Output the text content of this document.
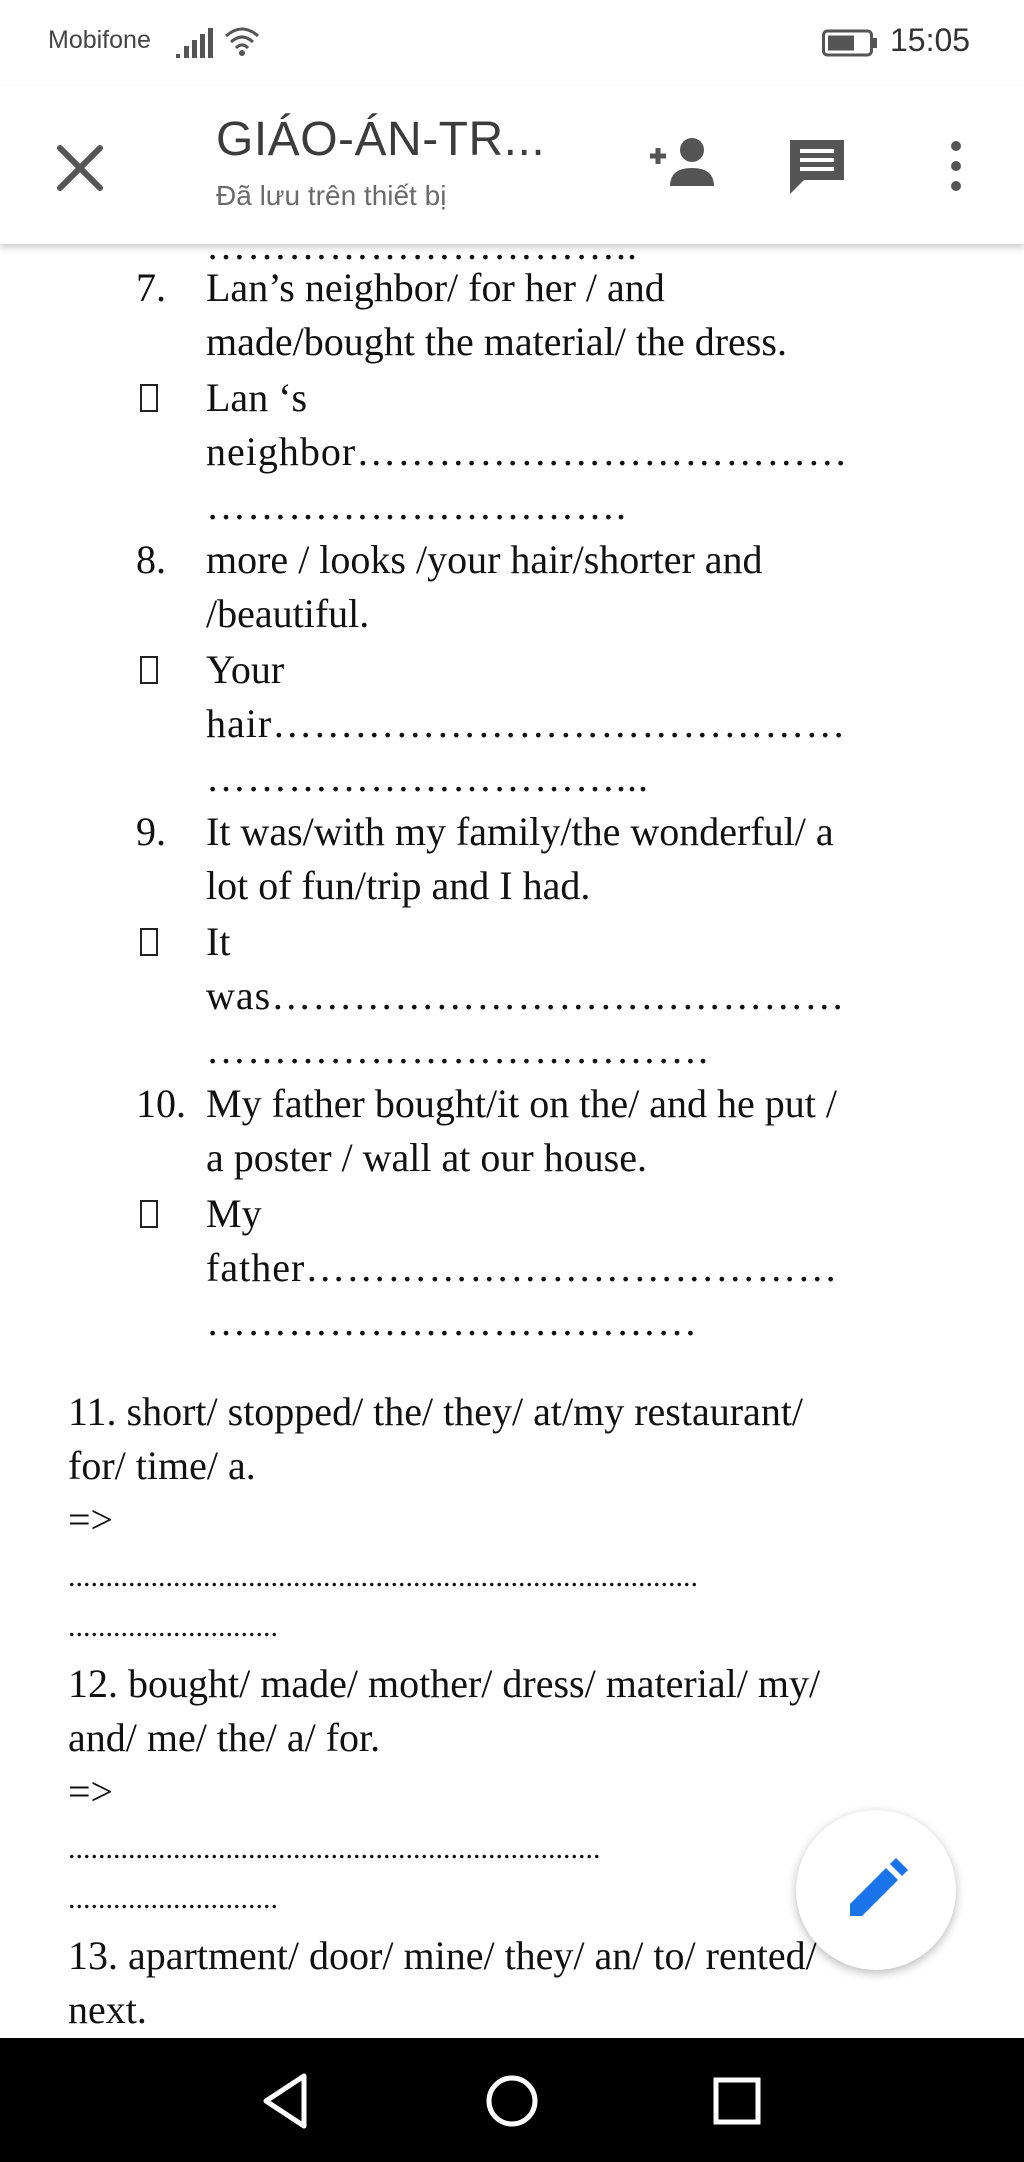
Mobifone	15:05
GIÁO-ÁN-TR...
Đã lưu trên thiết bị
…………………………..
7. Lan’s neighbor/ for her / and
made/bought the material/ the dress.
Lan ‘s
neighbor………………………………
………………………….
8. more / looks /your hair/shorter and
/beautiful.
Your
hair……………………………………
…………………………...
9. It was/with my family/the wonderful/ a
lot of fun/trip and I had.
It
was……………………………………
……………………………….
10. My father bought/it on the/ and he put /
a poster / wall at our house.
My
father…………………………………
………………………………
11. short/ stopped/ the/ they/ at/my restaurant/
for/ time/ a.
=>
....................................................................................
............................
12. bought/ made/ mother/ dress/ material/ my/
and/ me/ the/ a/ for.
=>
.......................................................................
............................
13. apartment/ door/ mine/ they/ an/ to/ rented/
next.
